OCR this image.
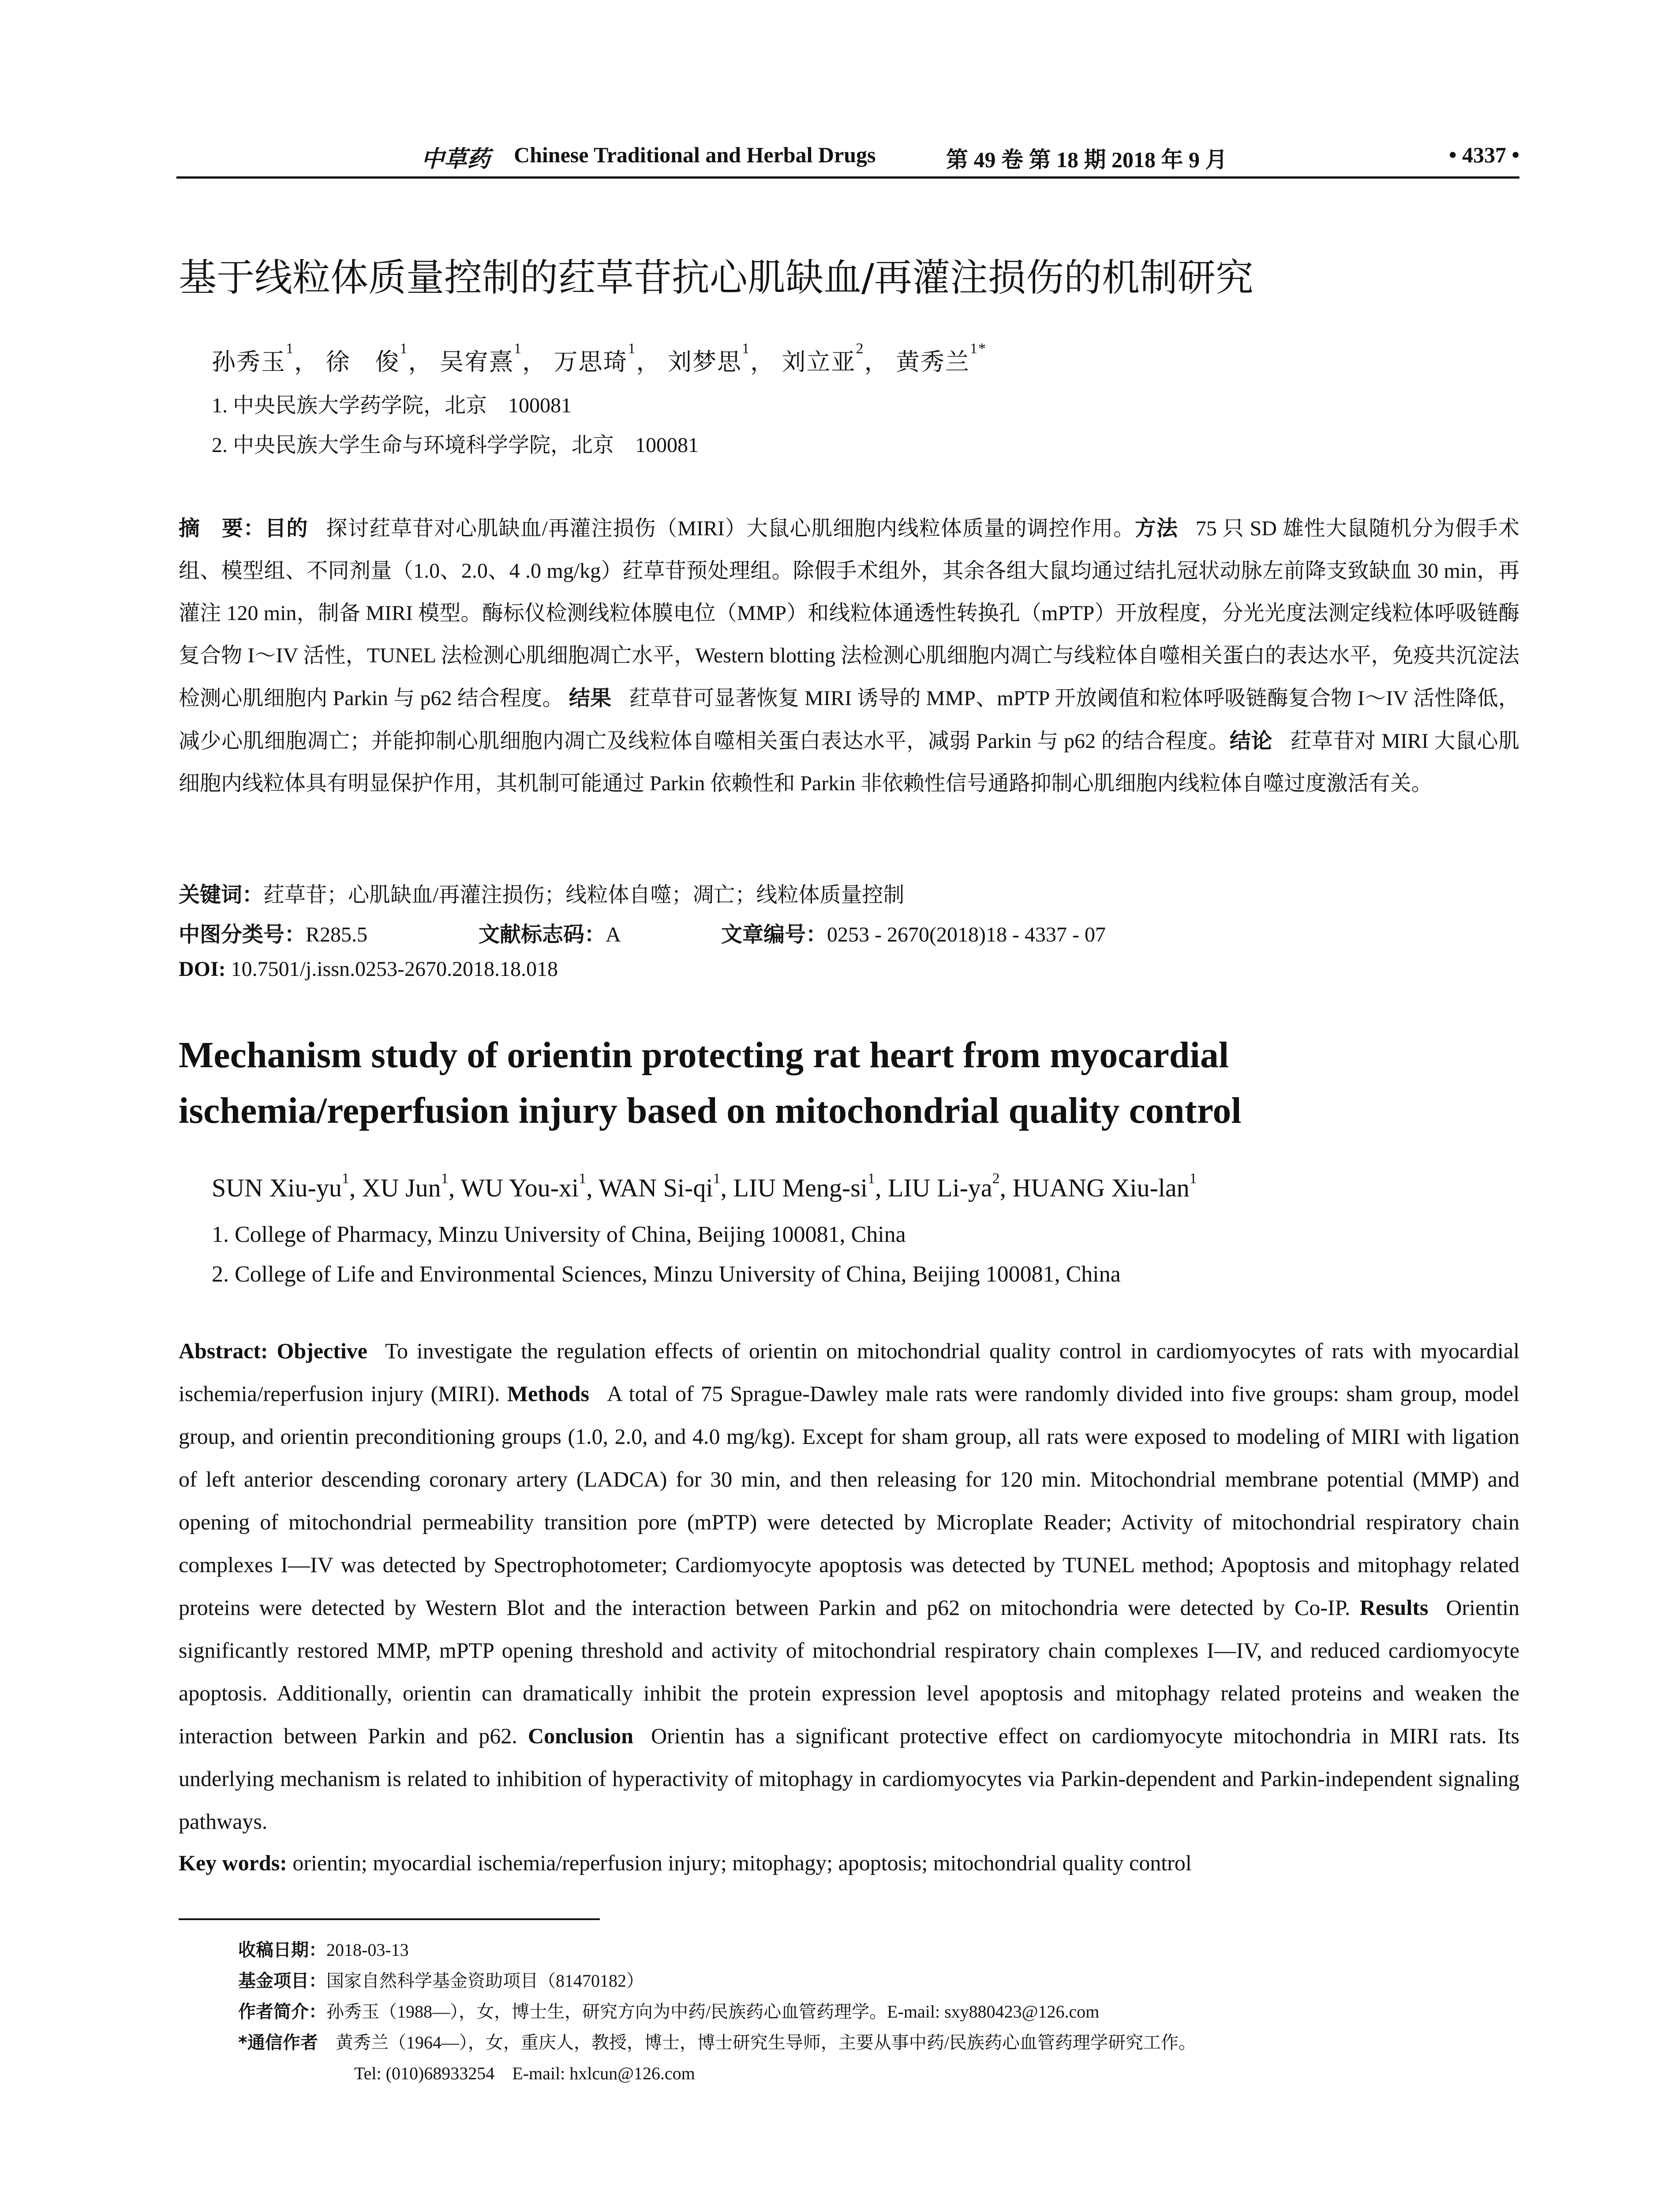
中草药 Chinese Traditional and Herbal Drugs	第 49 卷 第 18 期 2018 年 9 月	• 4337 •
基于线粒体质量控制的荭草苷抗心肌缺血/再灌注损伤的机制研究
孙秀玉$^1$， 徐　俊$^1$， 吴宥熹$^1$， 万思琦$^1$， 刘梦思$^1$， 刘立亚$^2$， 黄秀兰$^{1*}$
1. 中央民族大学药学院，北京　100081
2. 中央民族大学生命与环境科学学院，北京　100081
摘　要：目的 探讨荭草苷对心肌缺血/再灌注损伤（MIRI）大鼠心肌细胞内线粒体质量的调控作用。方法 75 只 SD 雄性大鼠随机分为假手术组、模型组、不同剂量（1.0、2.0、4 .0 mg/kg）荭草苷预处理组。除假手术组外，其余各组大鼠均通过结扎冠状动脉左前降支致缺血 30 min，再灌注 120 min，制备 MIRI 模型。酶标仪检测线粒体膜电位（MMP）和线粒体通透性转换孔（mPTP）开放程度，分光光度法测定线粒体呼吸链酶复合物 I～IV 活性，TUNEL 法检测心肌细胞凋亡水平，Western blotting 法检测心肌细胞内凋亡与线粒体自噬相关蛋白的表达水平，免疫共沉淀法检测心肌细胞内 Parkin 与 p62 结合程度。 结果 荭草苷可显著恢复 MIRI 诱导的 MMP、mPTP 开放阈值和粒体呼吸链酶复合物 I～IV 活性降低，减少心肌细胞凋亡；并能抑制心肌细胞内凋亡及线粒体自噬相关蛋白表达水平，减弱 Parkin 与 p62 的结合程度。结论 荭草苷对 MIRI 大鼠心肌细胞内线粒体具有明显保护作用，其机制可能通过 Parkin 依赖性和 Parkin 非依赖性信号通路抑制心肌细胞内线粒体自噬过度激活有关。
关键词：荭草苷；心肌缺血/再灌注损伤；线粒体自噬；凋亡；线粒体质量控制
中图分类号：R285.5	文献标志码：A	文章编号：0253 - 2670(2018)18 - 4337 - 07
DOI: 10.7501/j.issn.0253-2670.2018.18.018
Mechanism study of orientin protecting rat heart from myocardial ischemia/reperfusion injury based on mitochondrial quality control
SUN Xiu-$yu^1$, XU Jun$^1$, WU You-$xi^1$, WAN $Si-qi^1$, LIU Meng-$si^1$, LIU $Li-ya^2$, HUANG Xiu-lan$^1$
1. College of Pharmacy, Minzu University of China, Beijing 100081, China
2. College of Life and Environmental Sciences, Minzu University of China, Beijing 100081, China
Abstract: Objective To investigate the regulation effects of orientin on mitochondrial quality control in cardiomyocytes of rats with myocardial ischemia/reperfusion injury (MIRI). Methods A total of 75 Sprague-Dawley male rats were randomly divided into five groups: sham group, model group, and orientin preconditioning groups (1.0, 2.0, and 4.0 mg/kg). Except for sham group, all rats were exposed to modeling of MIRI with ligation of left anterior descending coronary artery (LADCA) for 30 min, and then releasing for 120 min. Mitochondrial membrane potential (MMP) and opening of mitochondrial permeability transition pore (mPTP) were detected by Microplate Reader; Activity of mitochondrial respiratory chain complexes I—IV was detected by Spectrophotometer; Cardiomyocyte apoptosis was detected by TUNEL method; Apoptosis and mitophagy related proteins were detected by Western Blot and the interaction between Parkin and p62 on mitochondria were detected by Co-IP. Results Orientin significantly restored MMP, mPTP opening threshold and activity of mitochondrial respiratory chain complexes I—IV, and reduced cardiomyocyte apoptosis. Additionally, orientin can dramatically inhibit the protein expression level apoptosis and mitophagy related proteins and weaken the interaction between Parkin and p62. Conclusion Orientin has a significant protective effect on cardiomyocyte mitochondria in MIRI rats. Its underlying mechanism is related to inhibition of hyperactivity of mitophagy in cardiomyocytes via Parkin-dependent and Parkin-independent signaling pathways.
Key words: orientin; myocardial ischemia/reperfusion injury; mitophagy; apoptosis; mitochondrial quality control
收稿日期：2018-03-13
基金项目：国家自然科学基金资助项目（81470182）
作者简介：孙秀玉（1988—），女，博士生，研究方向为中药/民族药心血管药理学。E-mail: sxy880423@126.com
*通信作者　 黄秀兰（1964—），女，重庆人，教授，博士，博士研究生导师，主要从事中药/民族药心血管药理学研究工作。
Tel: (010)68933254　E-mail: hxlcun@126.com
